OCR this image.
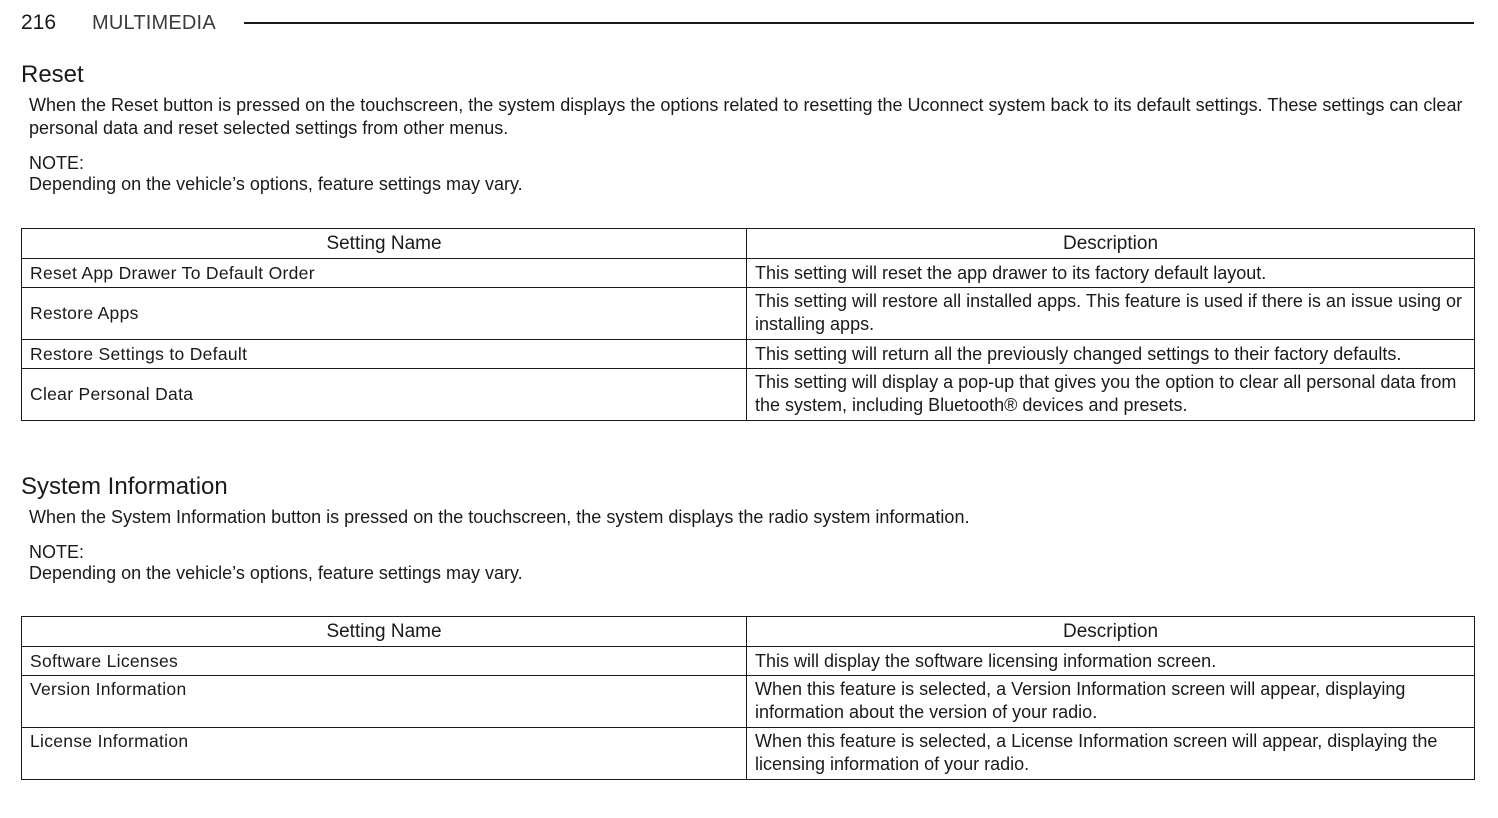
216 MULTIMEDIA
Reset

When the Reset button is pressed on the touchscreen, the system displays the options related to resetting the Uconnect system back to its default settings. These settings can clear personal data and reset selected settings from other menus.

NOTE:
Depending on the vehicle’s options, feature settings may vary.
Setting Name	Description
Reset App Drawer To Default Order	This setting will reset the app drawer to its factory default layout.
Restore Apps	This setting will restore all installed apps. This feature is used if there is an issue using or installing apps.
Restore Settings to Default	This setting will return all the previously changed settings to their factory defaults.
Clear Personal Data	This setting will display a pop-up that gives you the option to clear all personal data from the system, including Bluetooth® devices and presets.
System Information

When the System Information button is pressed on the touchscreen, the system displays the radio system information.

NOTE:
Depending on the vehicle’s options, feature settings may vary.
Setting Name	Description
Software Licenses	This will display the software licensing information screen.
Version Information	When this feature is selected, a Version Information screen will appear, displaying information about the version of your radio.
License Information	When this feature is selected, a License Information screen will appear, displaying the licensing information of your radio.
